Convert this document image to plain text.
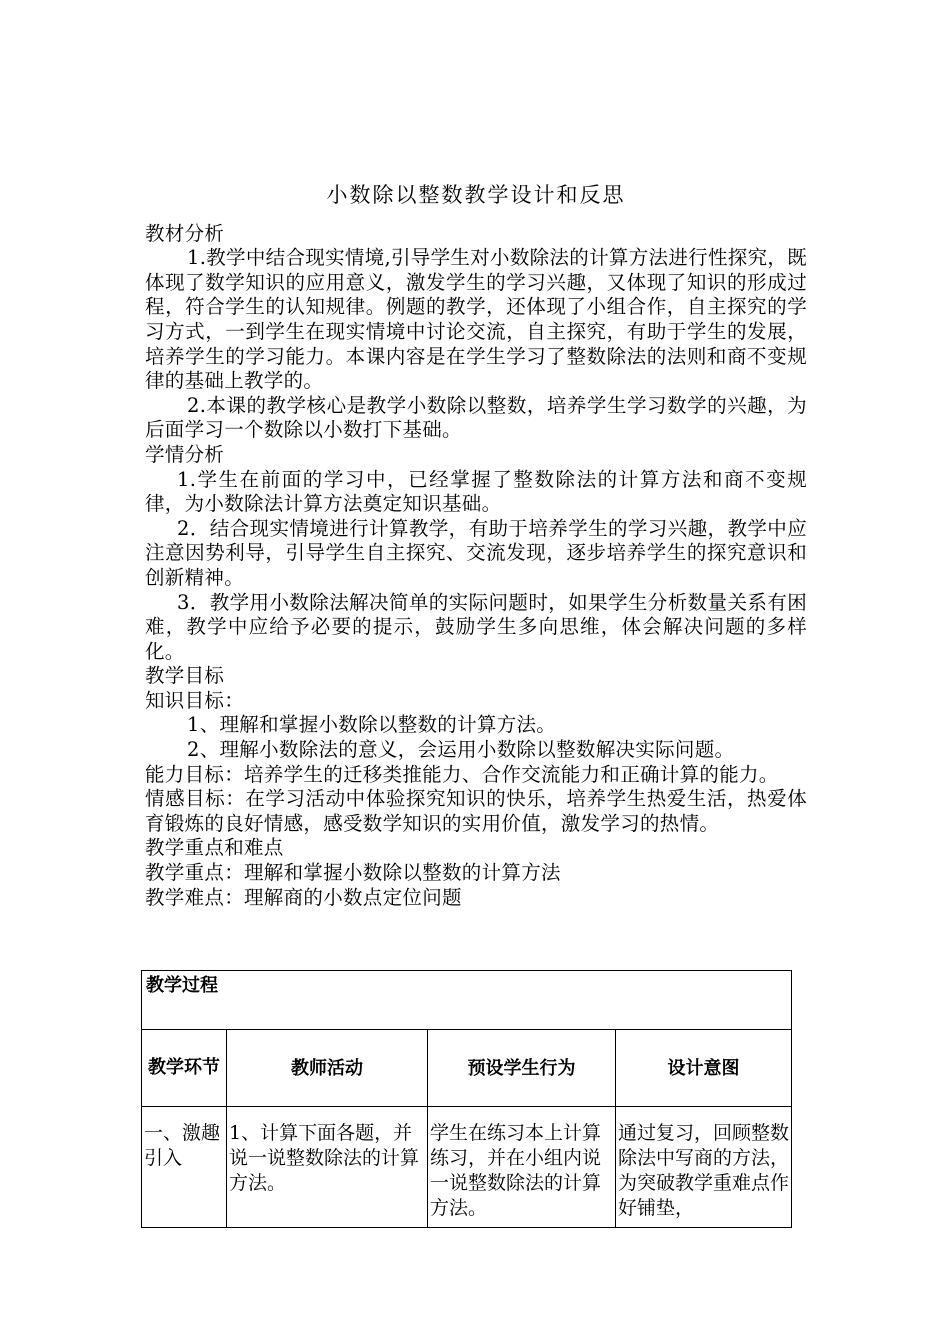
小数除以整数教学设计和反思
教材分析
1.教学中结合现实情境,引导学生对小数除法的计算方法进行性探究，既体现了数学知识的应用意义，激发学生的学习兴趣，又体现了知识的形成过程，符合学生的认知规律。例题的教学，还体现了小组合作，自主探究的学习方式，一到学生在现实情境中讨论交流，自主探究，有助于学生的发展，培养学生的学习能力。本课内容是在学生学习了整数除法的法则和商不变规律的基础上教学的。
2.本课的教学核心是教学小数除以整数，培养学生学习数学的兴趣，为后面学习一个数除以小数打下基础。
学情分析
1.学生在前面的学习中，已经掌握了整数除法的计算方法和商不变规律，为小数除法计算方法奠定知识基础。
2．结合现实情境进行计算教学，有助于培养学生的学习兴趣，教学中应注意因势利导，引导学生自主探究、交流发现，逐步培养学生的探究意识和创新精神。
3．教学用小数除法解决简单的实际问题时，如果学生分析数量关系有困难，教学中应给予必要的提示，鼓励学生多向思维，体会解决问题的多样化。
教学目标
知识目标：
1、理解和掌握小数除以整数的计算方法。
2、理解小数除法的意义，会运用小数除以整数解决实际问题。
能力目标：培养学生的迁移类推能力、合作交流能力和正确计算的能力。
情感目标：在学习活动中体验探究知识的快乐，培养学生热爱生活，热爱体育锻炼的良好情感，感受数学知识的实用价值，激发学习的热情。
教学重点和难点
教学重点：理解和掌握小数除以整数的计算方法
教学难点：理解商的小数点定位问题
教学过程			
教学环节	教师活动	预设学生行为	设计意图
一、激趣引入	1、计算下面各题，并说一说整数除法的计算方法。	学生在练习本上计算练习，并在小组内说一说整数除法的计算方法。	通过复习，回顾整数除法中写商的方法，为突破教学重难点作好铺垫，
